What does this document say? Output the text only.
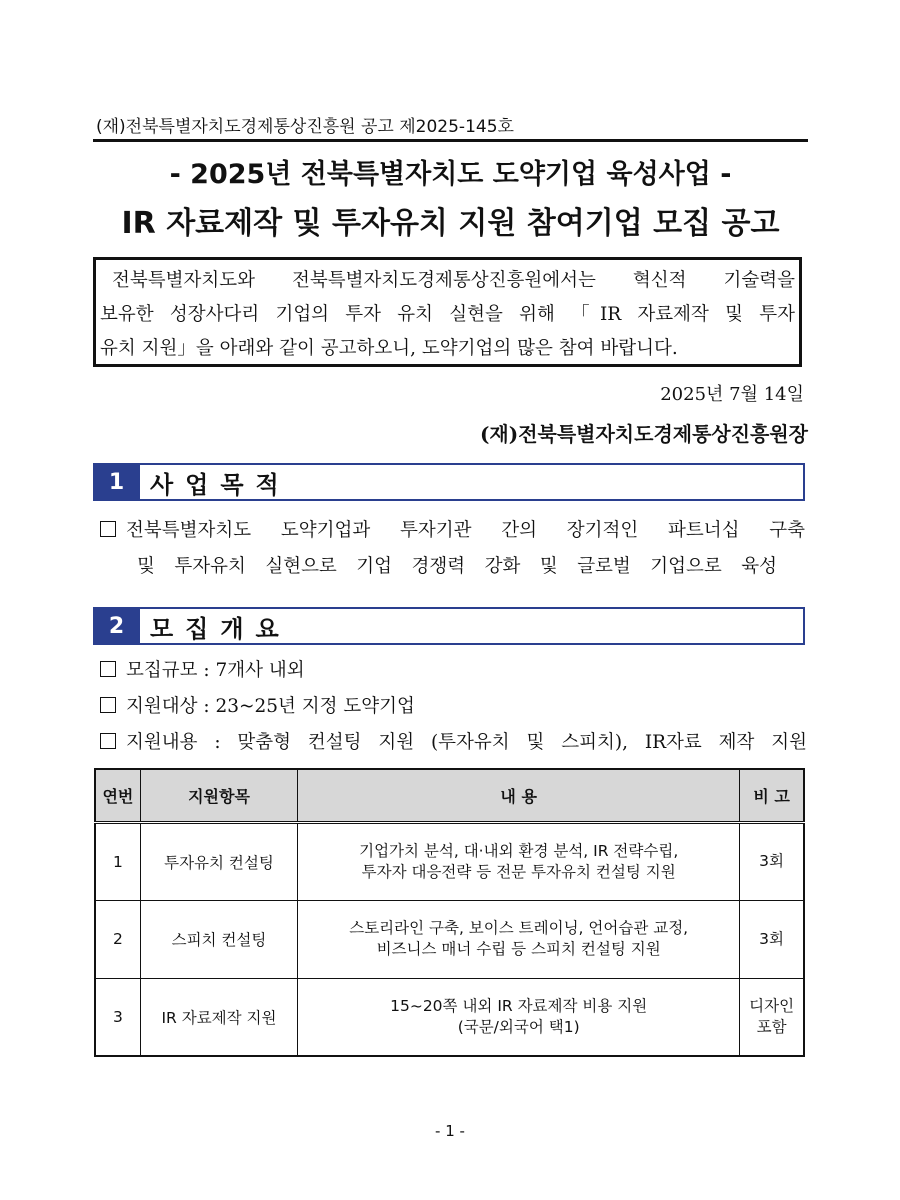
(재)전북특별자치도경제통상진흥원 공고 제2025-145호
- 2025년 전북특별자치도 도약기업 육성사업 -
IR 자료제작 및 투자유치 지원 참여기업 모집 공고

전북특별자치도와 전북특별자치도경제통상진흥원에서는 혁신적 기술력을

보유한 성장사다리 기업의 투자 유치 실현을 위해 「IR 자료제작 및 투자

유치 지원」을 아래와 같이 공고하오니, 도약기업의 많은 참여 바랍니다.

2025년 7월 14일
(재)전북특별자치도경제통상진흥원장
1	사업목적
전북특별자치도 도약기업과 투자기관 간의 장기적인 파트너십 구축
및 투자유치 실현으로 기업 경쟁력 강화 및 글로벌 기업으로 육성
2	모집개요
모집규모 : 7개사 내외
지원대상 : 23~25년 지정 도약기업
지원내용 : 맞춤형 컨설팅 지원 (투자유치 및 스피치), IR자료 제작 지원
연번	지원항목	내 용	비 고
1	투자유치 컨설팅	기업가치 분석, 대·내외 환경 분석, IR 전략수립,
투자자 대응전략 등 전문 투자유치 컨설팅 지원	3회

2	스피치 컨설팅	스토리라인 구축, 보이스 트레이닝, 언어습관 교정,
비즈니스 매너 수립 등 스피치 컨설팅 지원	3회

3	IR 자료제작 지원	15~20쪽 내외 IR 자료제작 비용 지원
(국문/외국어 택1)	디자인
포함
- 1 -
